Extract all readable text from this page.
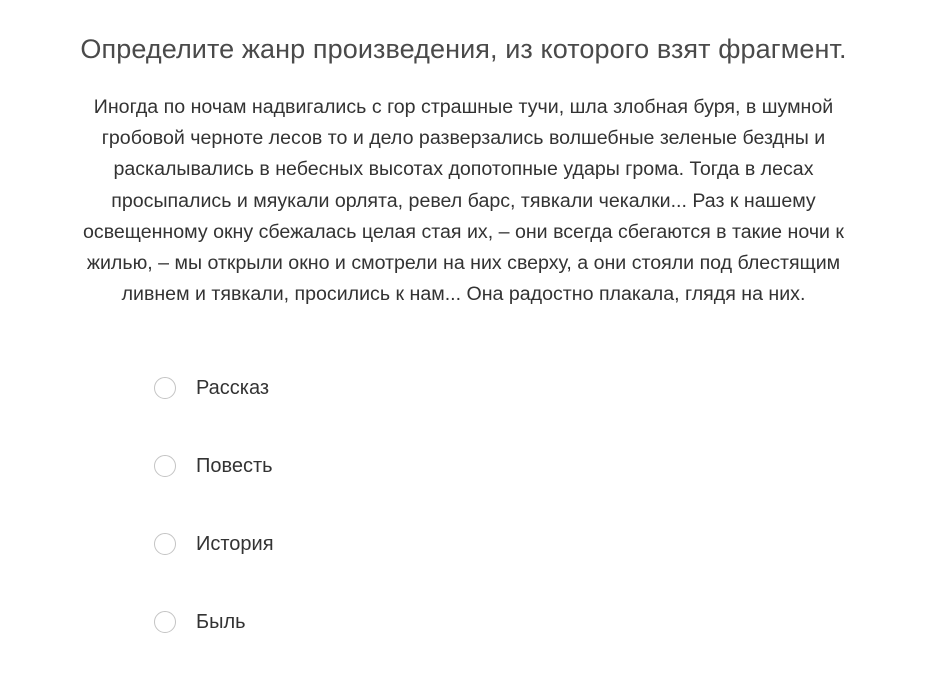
Определите жанр произведения, из которого взят фрагмент.
Иногда по ночам надвигались с гор страшные тучи, шла злобная буря, в шумной
гробовой черноте лесов то и дело разверзались волшебные зеленые бездны и
раскалывались в небесных высотах допотопные удары грома. Тогда в лесах
просыпались и мяукали орлята, ревел барс, тявкали чекалки... Раз к нашему
освещенному окну сбежалась целая стая их, – они всегда сбегаются в такие ночи к
жилью, – мы открыли окно и смотрели на них сверху, а они стояли под блестящим
ливнем и тявкали, просились к нам... Она радостно плакала, глядя на них.
Рассказ
Повесть
История
Быль
